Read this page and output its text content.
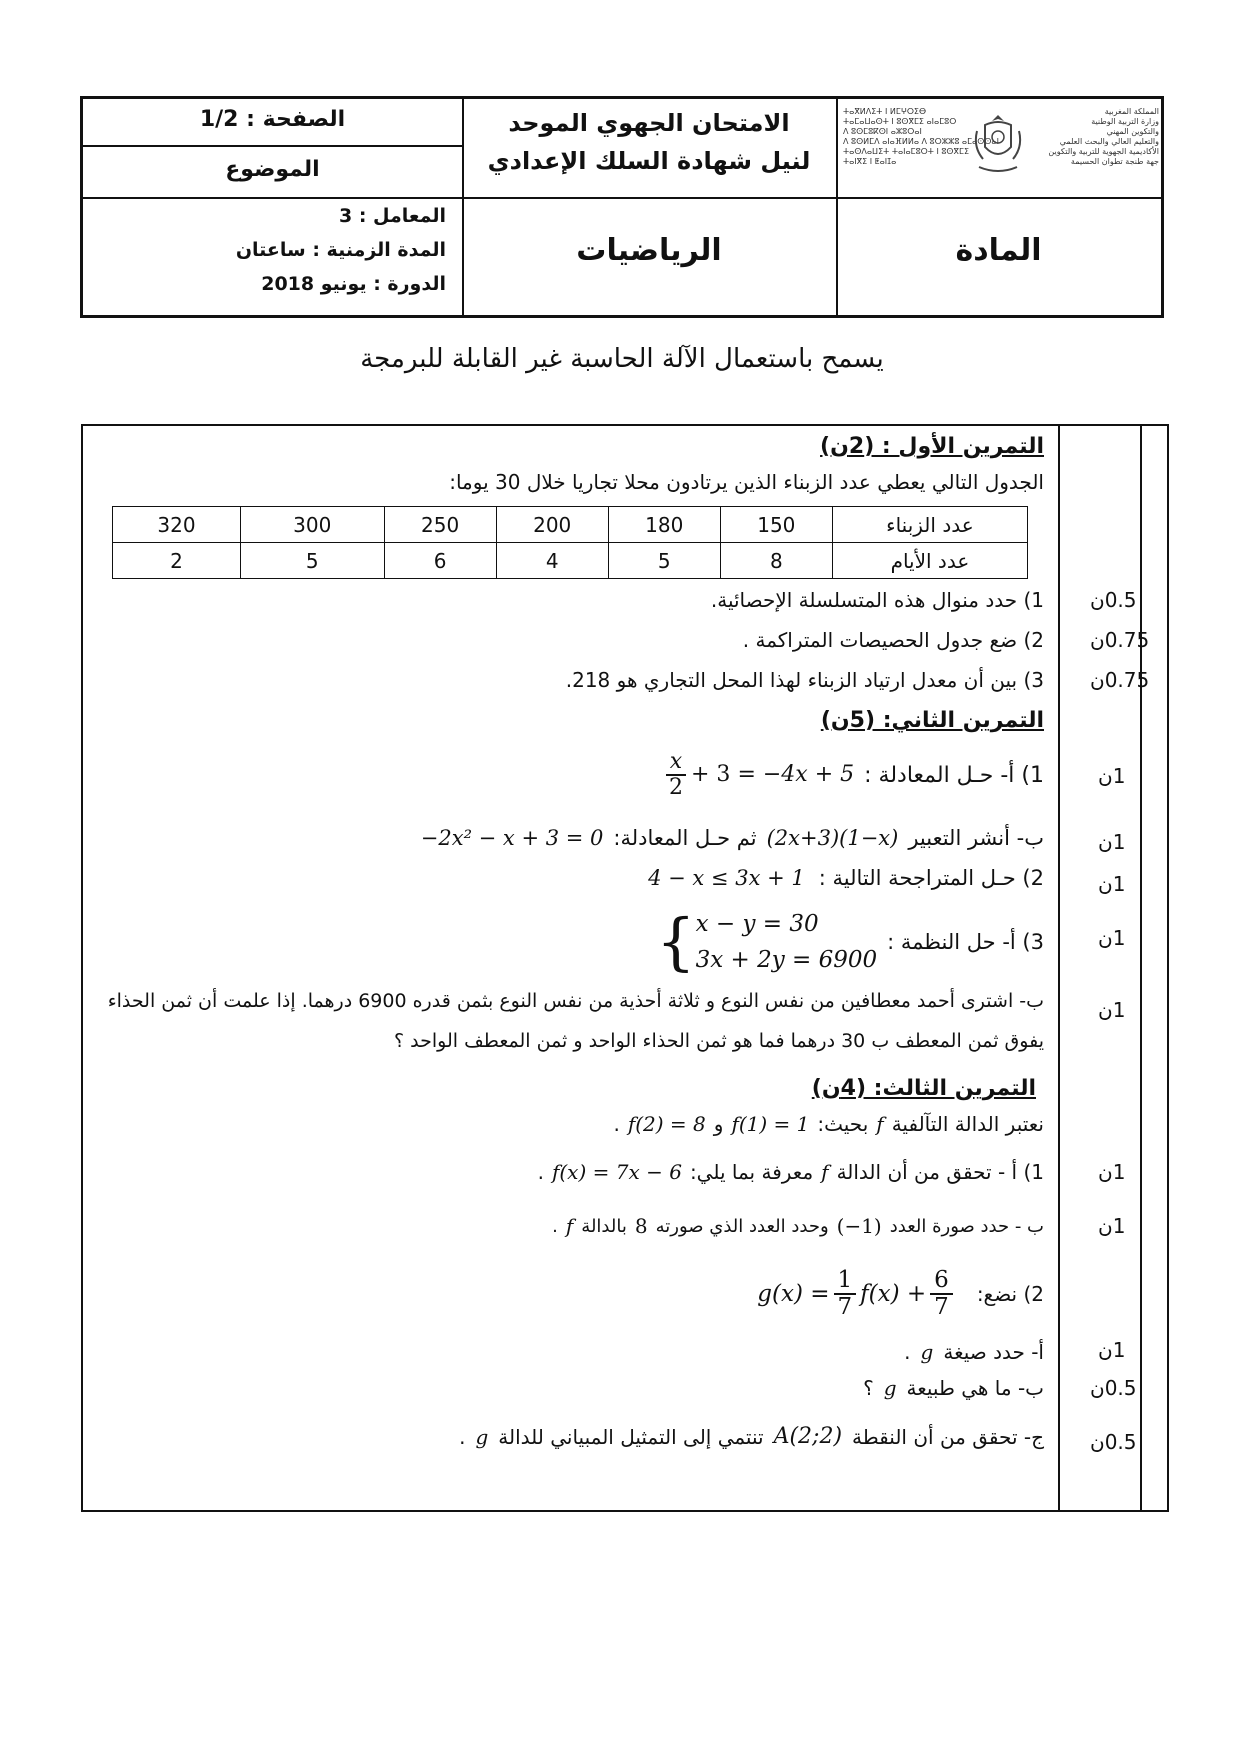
الصفحة : 1/2
الموضوع
الامتحان الجهوي الموحد
لنيل شهادة السلك الإعدادي
ⵜⴰⴳⵍⴷⵉⵜ ⵏ ⵍⵎⵖⵔⵉⴱ
ⵜⴰⵎⴰⵡⴰⵙⵜ ⵏ ⵓⵙⴳⵎⵉ ⴰⵏⴰⵎⵓⵔ
ⴷ ⵓⵙⵎⵓⴽⵙⵏ ⴰⵣⵓⵔⴰⵏ
ⴷ ⵓⵙⵍⵎⴷ ⴰⵏⴰⴼⵍⵍⴰ ⴷ ⵓⵔⵣⵣⵓ ⴰⵎⴰⵙⵙⴰⵏ
ⵜⴰⵙⴷⴰⵡⵉⵜ ⵜⴰⵏⴰⵎⵓⵔⵜ ⵏ ⵓⵙⴳⵎⵉ
ⵜⴰⵏⴳⵉ ⵏ ⵟⴰⵏⵊⴰ
المملكة المغربية
وزارة التربية الوطنية
والتكوين المهني
والتعليم العالي والبحث العلمي
الأكاديمية الجهوية للتربية والتكوين
جهة طنجة تطوان الحسيمة
المعامل : 3
المدة الزمنية : ساعتان
الدورة : يونيو 2018
الرياضيات	المادة
يسمح باستعمال الآلة الحاسبة غير القابلة للبرمجة
التمرين الأول : (2ن)
الجدول التالي يعطي عدد الزبناء الذين يرتادون محلا تجاريا خلال 30 يوما:
عدد الزبناء	150	180	200	250	300	320
عدد الأيام	8	5	4	6	5	2
1) حدد منوال هذه المتسلسلة الإحصائية.
2) ضع جدول الحصيصات المتراكمة .
3) بين أن معدل ارتياد الزبناء لهذا المحل التجاري هو 218.
0.5ن
0.75ن
0.75ن
التمرين الثاني: (5ن)
1) أ- حـل المعادلة :
$\frac{x}{2} + 3 = -4x + 5$
ب- أنشر التعبير
(2x+3)(1−x)
ثم حـل المعادلة:
−2x² − x + 3 = 0
2) حـل المتراجحة التالية :
4 − x ≤ 3x + 1
3) أ- حل النظمة :
{ x − y = 30
3x + 2y = 6900
ب- اشترى أحمد معطافين من نفس النوع و ثلاثة أحذية من نفس النوع بثمن قدره 6900 درهما. إذا علمت أن ثمن الحذاء
يفوق ثمن المعطف ب 30 درهما فما هو ثمن الحذاء الواحد و ثمن المعطف الواحد ؟
1ن
1ن
1ن
1ن
1ن
التمرين الثالث: (4ن)
نعتبر الدالة التآلفية
f
بحيث:
f(1) = 1
و
f(2) = 8
.
1) أ - تحقق من أن الدالة
f
معرفة بما يلي:
f(x) = 7x − 6
.
ب - حدد صورة العدد
(−1)
وحدد العدد الذي صورته
8
بالدالة
f
.
2) نضع:
$g(x) = \frac{1}{7} f(x) + \frac{6}{7}$
أ- حدد صيغة
g
.
ب- ما هي طبيعة
g
؟
ج- تحقق من أن النقطة
A(2;2)
تنتمي إلى التمثيل المبياني للدالة
g
.
1ن
1ن
1ن
0.5ن
0.5ن
